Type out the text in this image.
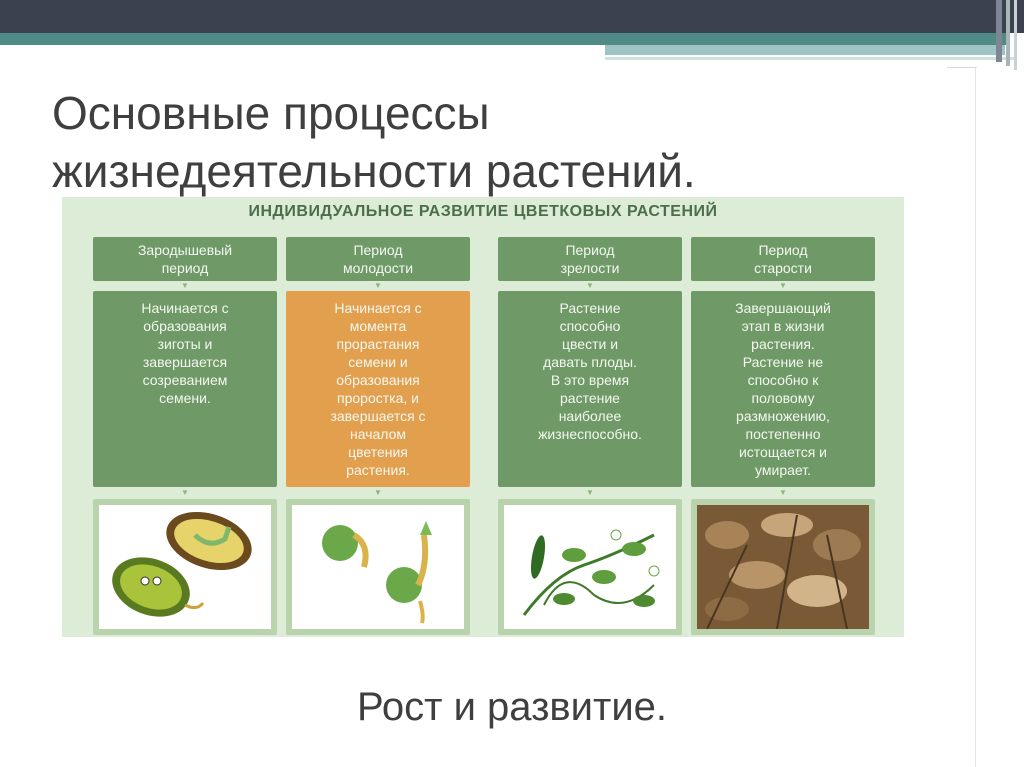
Основные процессы
жизнедеятельности растений.
ИНДИВИДУАЛЬНОЕ РАЗВИТИЕ ЦВЕТКОВЫХ РАСТЕНИЙ
Зародышевый
период
▼
Начинается с
образования
зиготы и
завершается
созреванием
семени.
▼
Период
молодости
▼
Начинается с
момента
прорастания
семени и
образования
проростка, и
завершается с
началом
цветения
растения.
▼
Период
зрелости
▼
Растение
способно
цвести и
давать плоды.
В это время
растение
наиболее
жизнеспособно.
▼
Период
старости
▼
Завершающий
этап в жизни
растения.
Растение не
способно к
половому
размножению,
постепенно
истощается и
умирает.
▼
Рост и развитие.
